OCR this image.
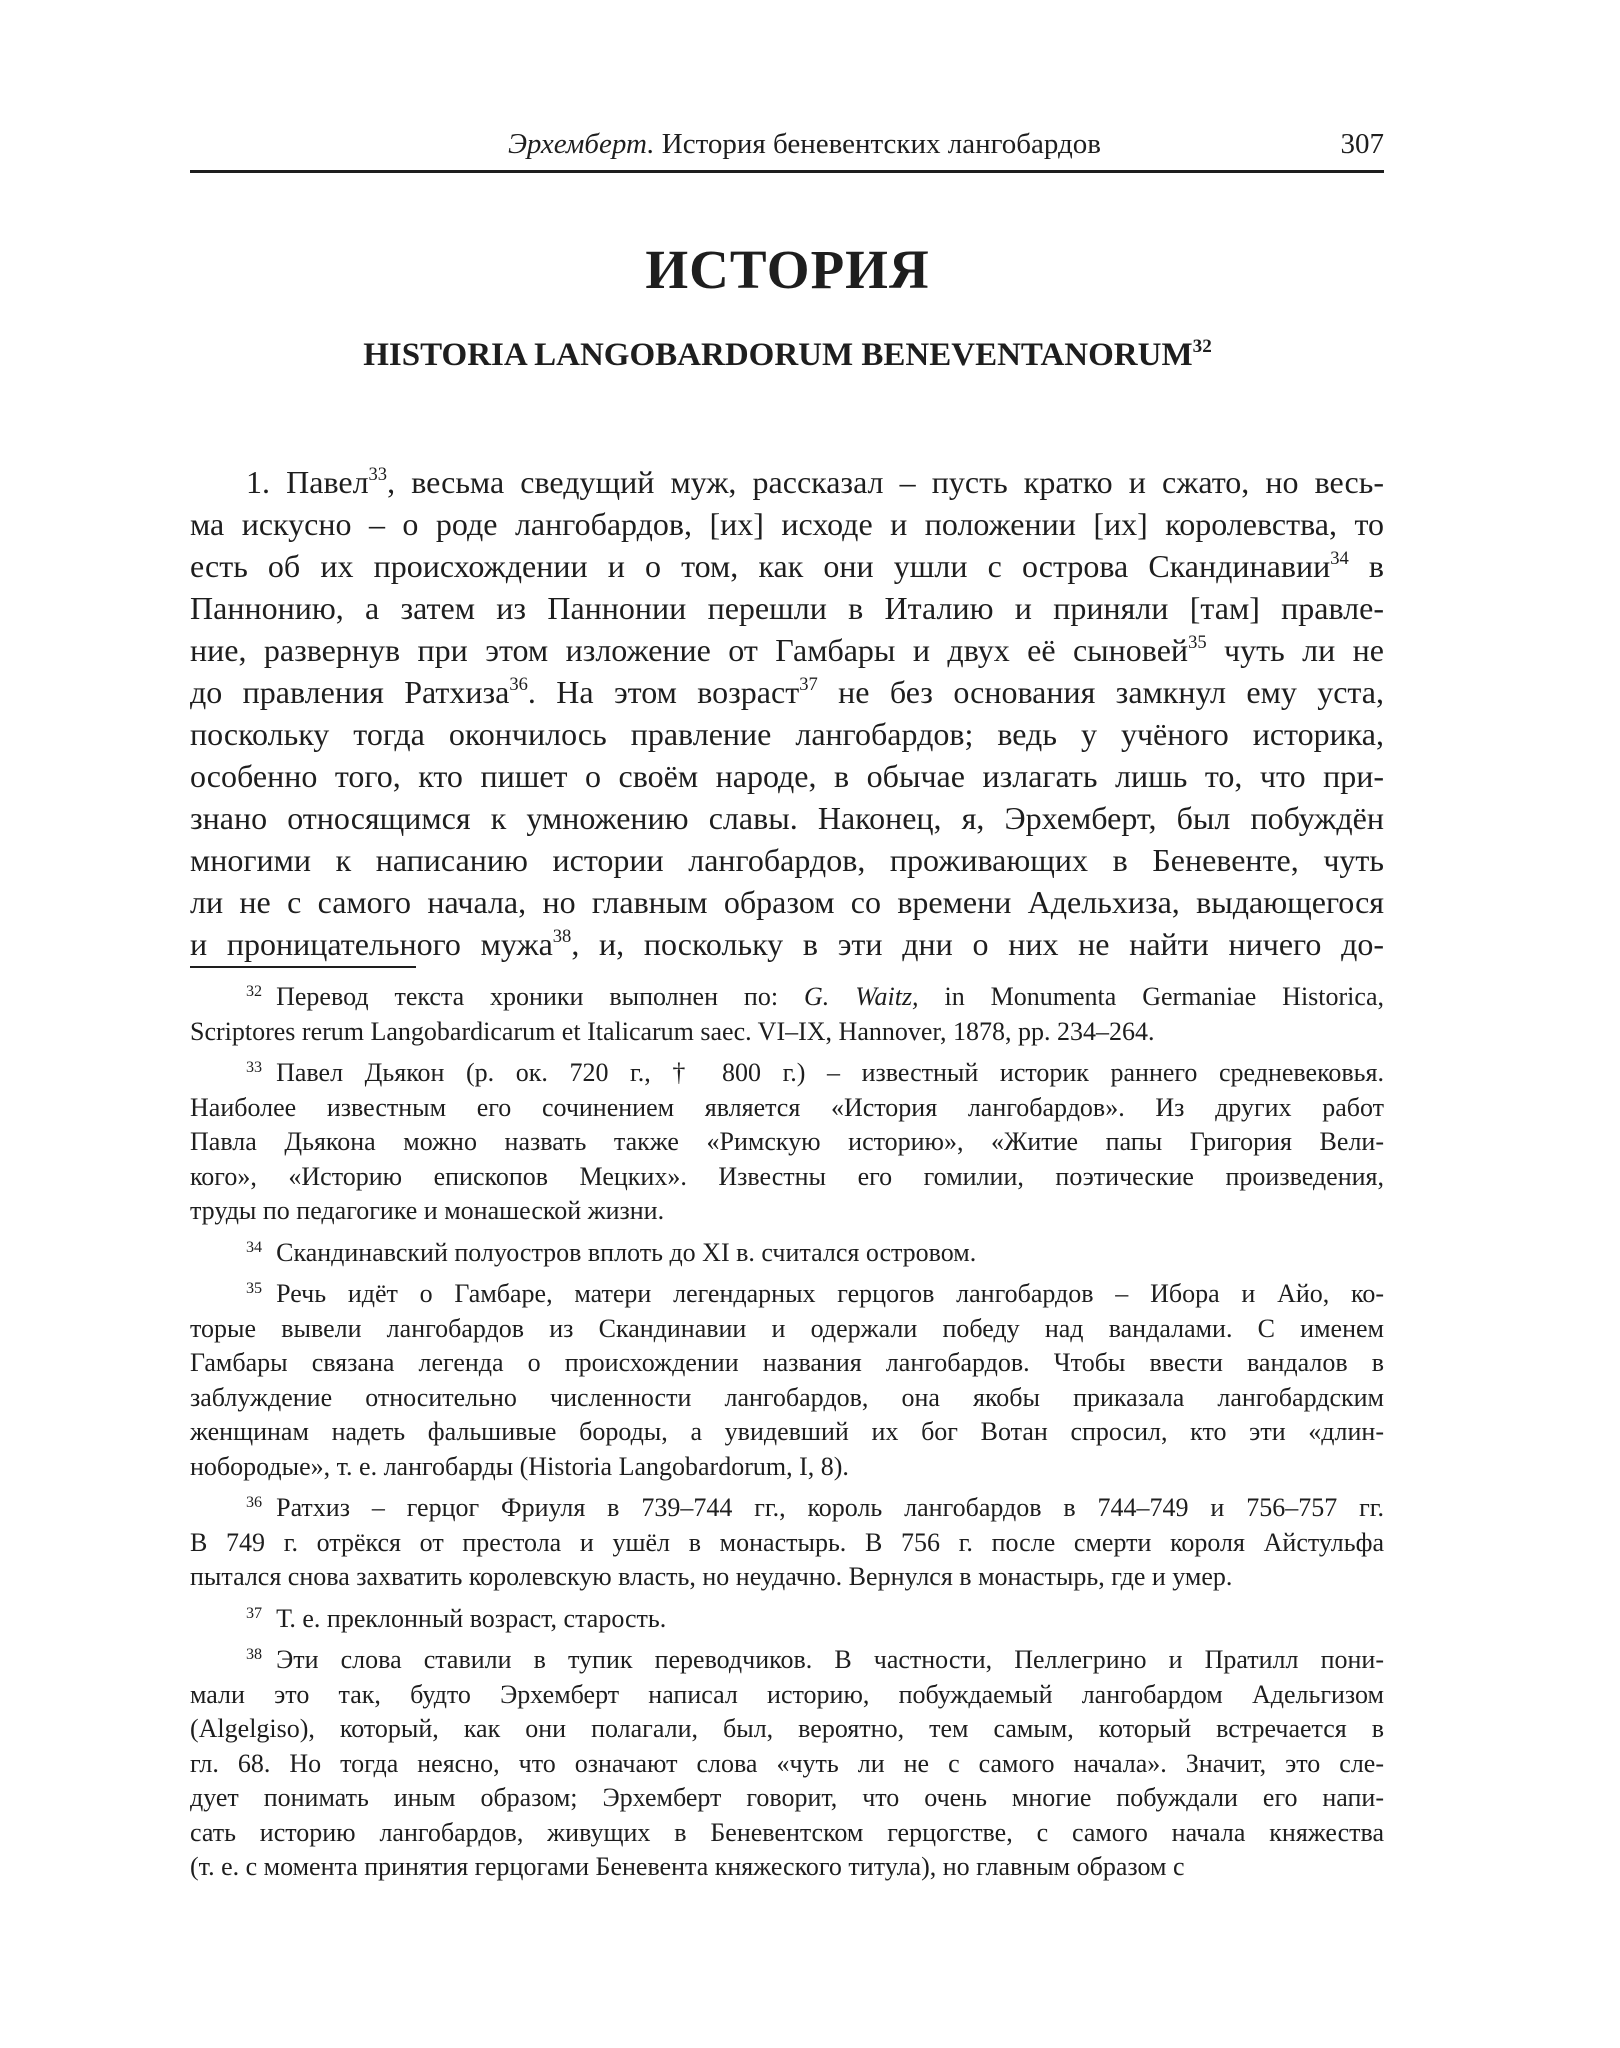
Эрхемберт. История беневентских лангобардов	307
ИСТОРИЯ
HISTORIA LANGOBARDORUM BENEVENTANORUM$^{32}$
1. Павел$^{33}$, весьма сведущий муж, рассказал – пусть кратко и сжато, но весь-
ма искусно – о роде лангобардов, [их] исходе и положении [их] королевства, то
есть об их происхождении и о том, как они ушли с острова Скандинавии$^{34}$ в
Паннонию, а затем из Паннонии перешли в Италию и приняли [там] правле-
ние, развернув при этом изложение от Гамбары и двух её сыновей$^{35}$ чуть ли не
до правления Ратхиза$^{36}$. На этом возраст$^{37}$ не без основания замкнул ему уста,
поскольку тогда окончилось правление лангобардов; ведь у учёного историка,
особенно того, кто пишет о своём народе, в обычае излагать лишь то, что при-
знано относящимся к умножению славы. Наконец, я, Эрхемберт, был побуждён
многими к написанию истории лангобардов, проживающих в Беневенте, чуть
ли не с самого начала, но главным образом со времени Адельхиза, выдающегося
и проницательного мужа$^{38}$, и, поскольку в эти дни о них не найти ничего до-
$^{32}$ Перевод текста хроники выполнен по: G. Waitz, in Monumenta Germaniae Historica,
Scriptores rerum Langobardicarum et Italicarum saec. VI–IX, Hannover, 1878, pp. 234–264.
$^{33}$ Павел Дьякон (р. ок. 720 г., † 800 г.) – известный историк раннего средневековья.
Наиболее известным его сочинением является «История лангобардов». Из других работ
Павла Дьякона можно назвать также «Римскую историю», «Житие папы Григория Вели-
кого», «Историю епископов Мецких». Известны его гомилии, поэтические произведения,
труды по педагогике и монашеской жизни.
$^{34}$ Скандинавский полуостров вплоть до XI в. считался островом.
$^{35}$ Речь идёт о Гамбаре, матери легендарных герцогов лангобардов – Ибора и Айо, ко-
торые вывели лангобардов из Скандинавии и одержали победу над вандалами. С именем
Гамбары связана легенда о происхождении названия лангобардов. Чтобы ввести вандалов в
заблуждение относительно численности лангобардов, она якобы приказала лангобардским
женщинам надеть фальшивые бороды, а увидевший их бог Вотан спросил, кто эти «длин-
нобородые», т. е. лангобарды (Historia Langobardorum, I, 8).
$^{36}$ Ратхиз – герцог Фриуля в 739–744 гг., король лангобардов в 744–749 и 756–757 гг.
В 749 г. отрёкся от престола и ушёл в монастырь. В 756 г. после смерти короля Айстульфа
пытался снова захватить королевскую власть, но неудачно. Вернулся в монастырь, где и умер.
$^{37}$ Т. е. преклонный возраст, старость.
$^{38}$ Эти слова ставили в тупик переводчиков. В частности, Пеллегрино и Пратилл пони-
мали это так, будто Эрхемберт написал историю, побуждаемый лангобардом Адельгизом
(Algelgiso), который, как они полагали, был, вероятно, тем самым, который встречается в
гл. 68. Но тогда неясно, что означают слова «чуть ли не с самого начала». Значит, это сле-
дует понимать иным образом; Эрхемберт говорит, что очень многие побуждали его напи-
сать историю лангобардов, живущих в Беневентском герцогстве, с самого начала княжества
(т. е. с момента принятия герцогами Беневента княжеского титула), но главным образом с
